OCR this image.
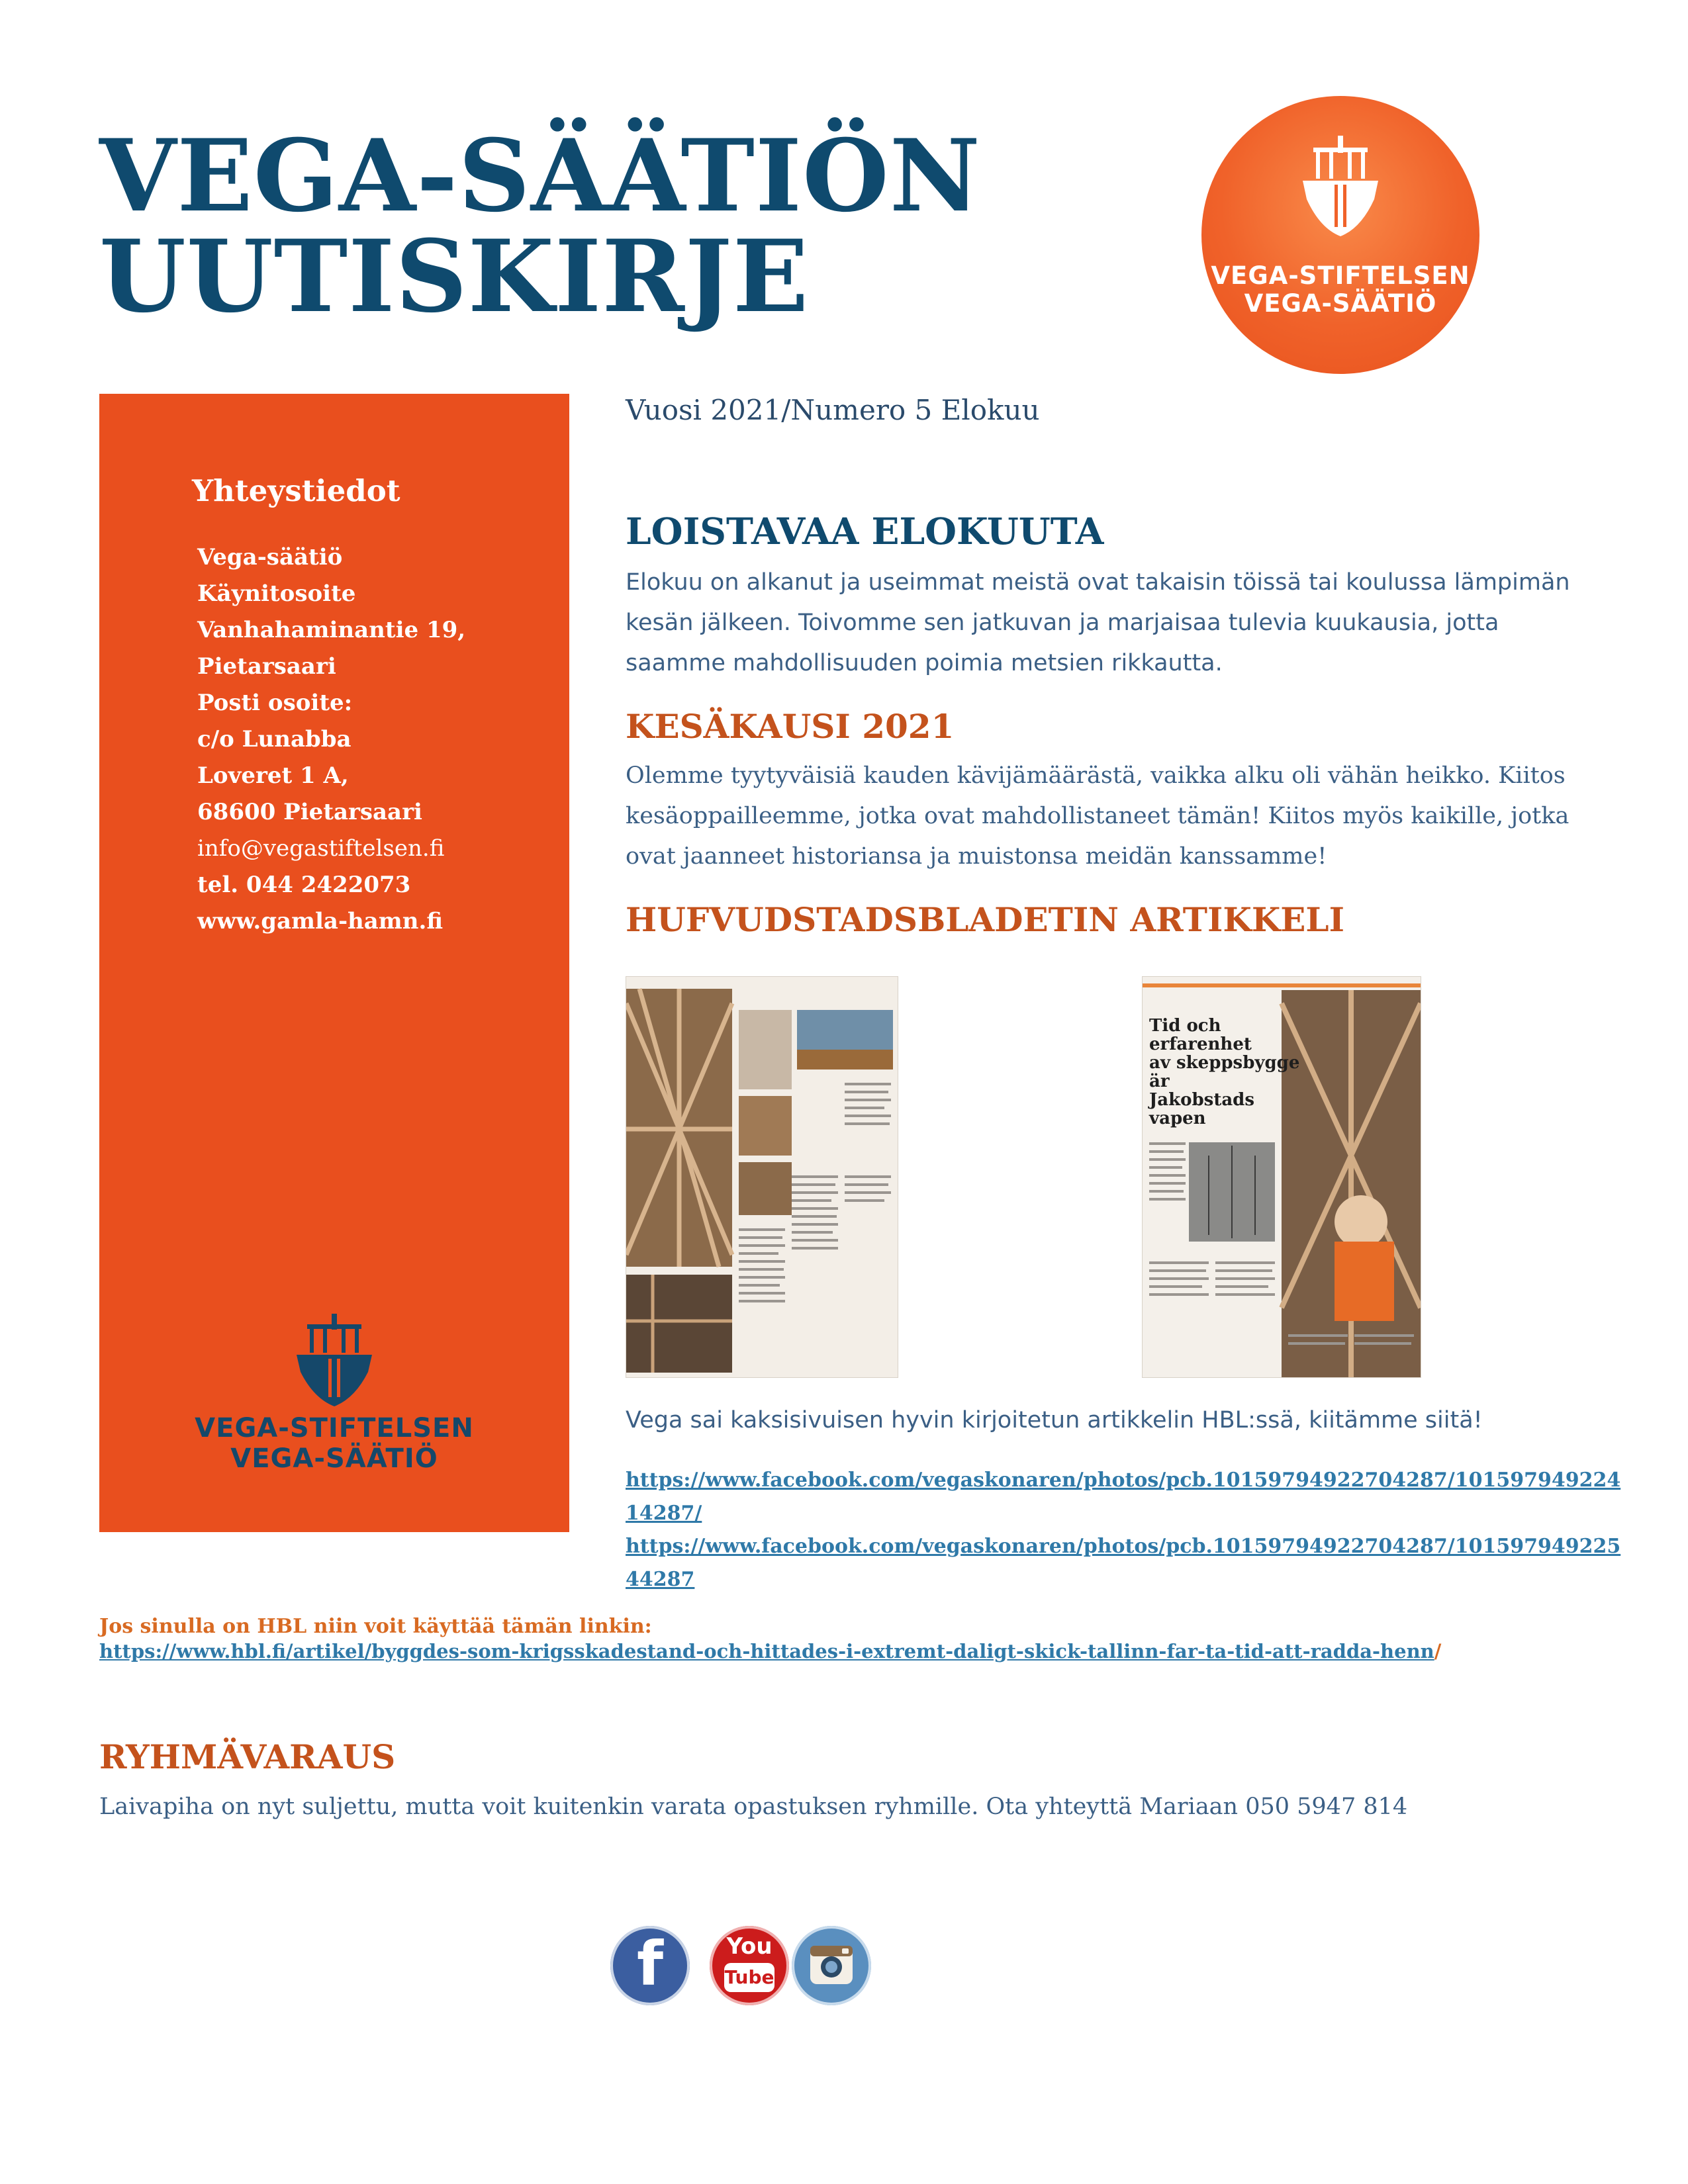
VEGA-SÄÄTIÖN
UUTISKIRJE	VEGA-STIFTELSEN
VEGA-SÄÄTIÖ
Yhteystiedot
Vega-säätiö
Käynitosoite
Vanhahaminantie 19,
Pietarsaari
Posti osoite:
c/o Lunabba
Loveret 1 A,
68600 Pietarsaari
info@vegastiftelsen.fi
tel. 044 2422073
www.gamla-hamn.fi
VEGA-STIFTELSEN
VEGA-SÄÄTIÖ
Vuosi 2021/Numero 5 Elokuu
LOISTAVAA ELOKUUTA

Elokuu on alkanut ja useimmat meistä ovat takaisin töissä tai koulussa lämpimän kesän jälkeen. Toivomme sen jatkuvan ja marjaisaa tulevia kuukausia, jotta saamme mahdollisuuden poimia metsien rikkautta.

KESÄKAUSI 2021

Olemme tyytyväisiä kauden kävijämäärästä, vaikka alku oli vähän heikko. Kiitos kesäoppailleemme, jotka ovat mahdollistaneet tämän! Kiitos myös kaikille, jotka ovat jaanneet historiansa ja muistonsa meidän kanssamme!

HUFVUDSTADSBLADETIN ARTIKKELI
Tid och erfarenhet
av skeppsbygge är
Jakobstads vapen

Vega sai kaksisivuisen hyvin kirjoitetun artikkelin HBL:ssä, kiitämme siitä!

https://www.facebook.com/vegaskonaren/photos/pcb.10159794922704287/101597949224

14287/

https://www.facebook.com/vegaskonaren/photos/pcb.10159794922704287/101597949225

44287

Jos sinulla on HBL niin voit käyttää tämän linkin:

https://www.hbl.fi/artikel/byggdes-som-krigsskadestand-och-hittades-i-extremt-daligt-skick-tallinn-far-ta-tid-att-radda-henn/
RYHMÄVARAUS

Laivapiha on nyt suljettu, mutta voit kuitenkin varata opastuksen ryhmille. Ota yhteyttä Mariaan 050 5947 814

f	You
Tube
